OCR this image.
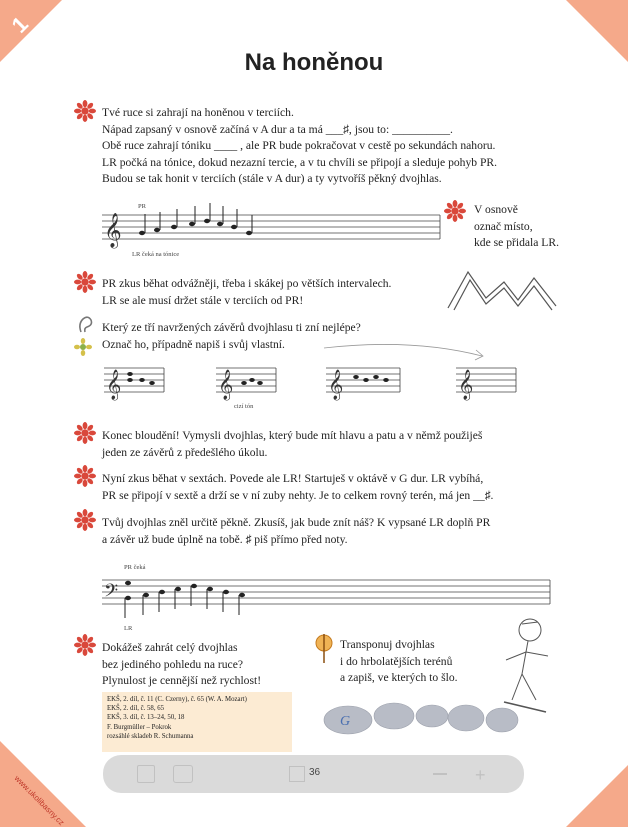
1
www.ukolibasny.cz
Na honěnou
Tvé ruce si zahrají na honěnou v terciích.
Nápad zapsaný v osnově začíná v A dur a ta má ___♯, jsou to: __________.
Obě ruce zahrají tóniku ____ , ale PR bude pokračovat v cestě po sekundách nahoru.
LR počká na tónice, dokud nezazní tercie, a v tu chvíli se připojí a sleduje pohyb PR.
Budou se tak honit v terciích (stále v A dur) a ty vytvoříš pěkný dvojhlas.
𝄞
PR
LR čeká na tónice
V osnově
označ místo,
kde se přidala LR.
PR zkus běhat odvážněji, třeba i skákej po větších intervalech.
LR se ale musí držet stále v terciích od PR!
Který ze tří navržených závěrů dvojhlasu ti zní nejlépe?
Označ ho, případně napiš i svůj vlastní.
𝄞	𝄞	𝄞	𝄞
cizí tón
Konec bloudění! Vymysli dvojhlas, který bude mít hlavu a patu a v němž použiješ
jeden ze závěrů z předešlého úkolu.
Nyní zkus běhat v sextách. Povede ale LR! Startuješ v oktávě v G dur. LR vybíhá,
PR se připojí v sextě a drží se v ní zuby nehty. Je to celkem rovný terén, má jen __♯.
Tvůj dvojhlas zněl určitě pěkně. Zkusíš, jak bude znít náš? K vypsané LR doplň PR
a závěr už bude úplně na tobě. ♯ piš přímo před noty.
𝄢
PR čeká
LR
Dokážeš zahrát celý dvojhlas
bez jediného pohledu na ruce?
Plynulost je cennější než rychlost!
Transponuj dvojhlas
i do hrbolatějších terénů
a zapiš, ve kterých to šlo.
G
EKŠ, 2. díl, č. 11 (C. Czerny), č. 65 (W. A. Mozart)
EKŠ, 2. díl, č. 58, 65
EKŠ, 3. díl, č. 13–24, 50, 18
F. Burgmüller – Pokrok
rozsáhlé skladeb R. Schumanna
36	+
